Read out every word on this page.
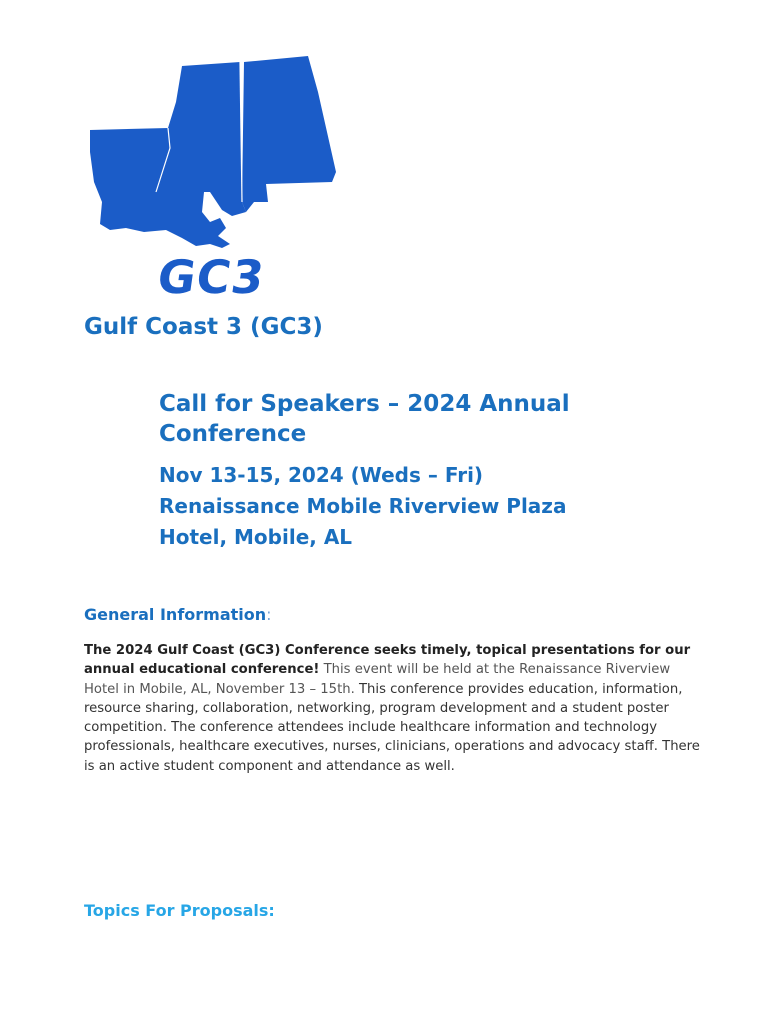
GC3
Gulf Coast 3 (GC3)
Call for Speakers – 2024 Annual Conference
Nov 13-15, 2024 (Weds – Fri)
Renaissance Mobile Riverview Plaza
Hotel, Mobile, AL
General Information:

The 2024 Gulf Coast (GC3) Conference seeks timely, topical presentations for our annual educational conference! This event will be held at the Renaissance Riverview Hotel in Mobile, AL, November 13 – 15th. This conference provides education, information, resource sharing, collaboration, networking, program development and a student poster competition. The conference attendees include healthcare information and technology professionals, healthcare executives, nurses, clinicians, operations and advocacy staff. There is an active student component and attendance as well.

Topics For Proposals:
